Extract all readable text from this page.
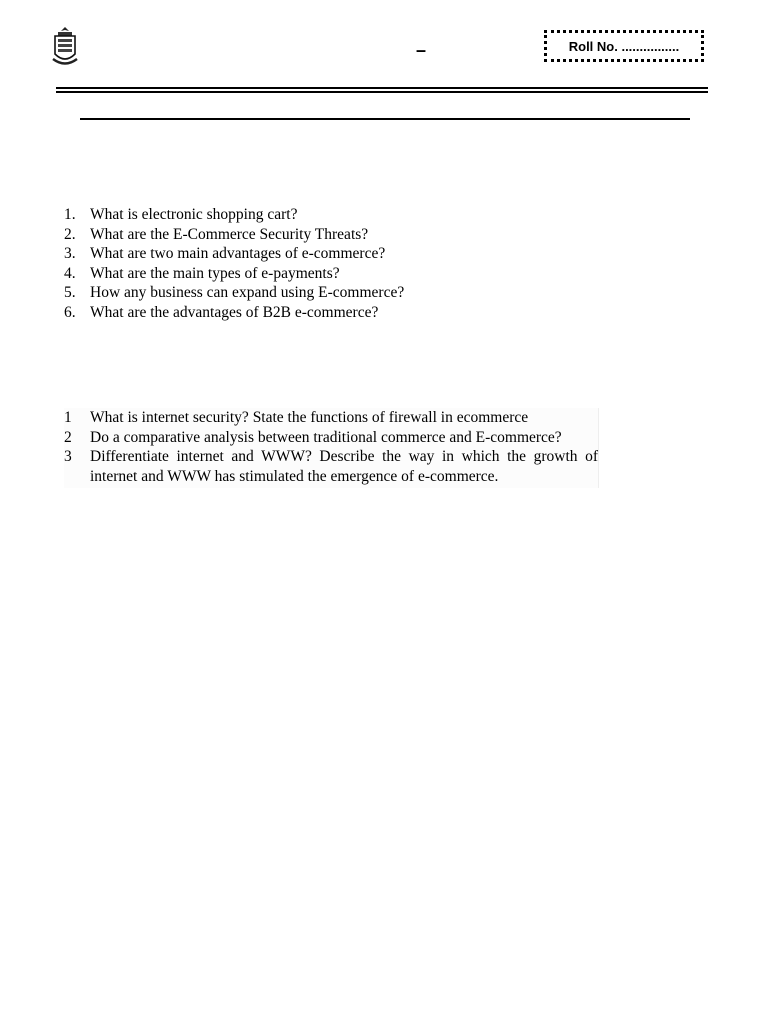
–	Roll No. ................
1. What is electronic shopping cart?
2. What are the E-Commerce Security Threats?
3. What are two main advantages of e-commerce?
4. What are the main types of e-payments?
5. How any business can expand using E-commerce?
6. What are the advantages of B2B e-commerce?
1	What is internet security? State the functions of firewall in ecommerce
2	Do a comparative analysis between traditional commerce and E-commerce?
3	Differentiate internet and WWW? Describe the way in which the growth of internet and WWW has stimulated the emergence of e-commerce.
